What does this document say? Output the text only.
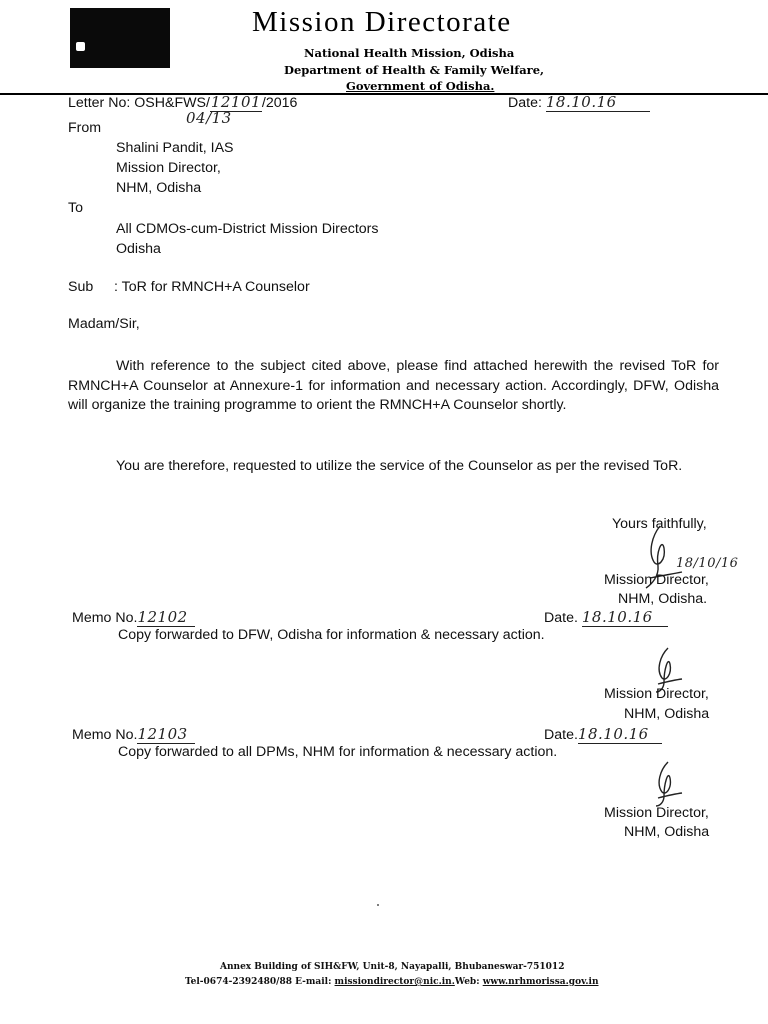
Mission Directorate
National Health Mission, Odisha
Department of Health & Family Welfare,
Government of Odisha.
Letter No: OSH&FWS/12101/2016
04/13
Date: 18.10.16
From
Shalini Pandit, IAS
Mission Director,
NHM, Odisha
To
All CDMOs-cum-District Mission Directors
Odisha
Sub : ToR for RMNCH+A Counselor
Madam/Sir,
With reference to the subject cited above, please find attached herewith the revised ToR for RMNCH+A Counselor at Annexure-1 for information and necessary action. Accordingly, DFW, Odisha will organize the training programme to orient the RMNCH+A Counselor shortly.
You are therefore, requested to utilize the service of the Counselor as per the revised ToR.
Yours faithfully,
18/10/16
Mission Director,
NHM, Odisha.
Memo No.12102	Date. 18.10.16
Copy forwarded to DFW, Odisha for information & necessary action.
Mission Director,
NHM, Odisha
Memo No.12103	Date.18.10.16
Copy forwarded to all DPMs, NHM for information & necessary action.
Mission Director,
NHM, Odisha
Annex Building of SIH&FW, Unit-8, Nayapalli, Bhubaneswar-751012
Tel-0674-2392480/88 E-mail: missiondirector@nic.in.Web: www.nrhmorissa.gov.in
